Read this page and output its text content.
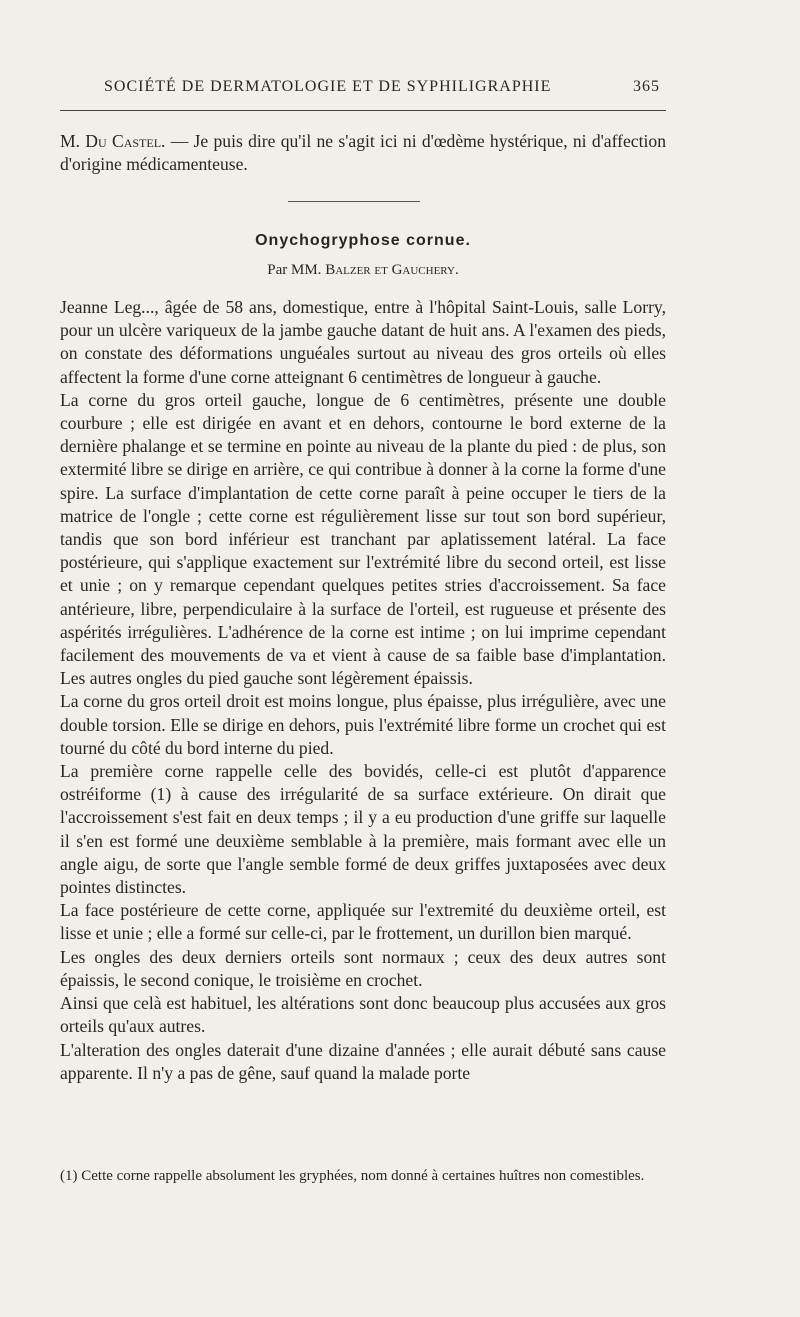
SOCIÉTÉ DE DERMATOLOGIE ET DE SYPHILIGRAPHIE	365

M. Du Castel. — Je puis dire qu'il ne s'agit ici ni d'œdème hystérique, ni d'affection d'origine médicamenteuse.

Onychogryphose cornue.
Par MM. Balzer et Gauchery.

Jeanne Leg..., âgée de 58 ans, domestique, entre à l'hôpital Saint-Louis, salle Lorry, pour un ulcère variqueux de la jambe gauche datant de huit ans. A l'examen des pieds, on constate des déformations unguéales surtout au niveau des gros orteils où elles affectent la forme d'une corne atteignant 6 centimètres de longueur à gauche.

La corne du gros orteil gauche, longue de 6 centimètres, présente une double courbure ; elle est dirigée en avant et en dehors, contourne le bord externe de la dernière phalange et se termine en pointe au niveau de la plante du pied : de plus, son extermité libre se dirige en arrière, ce qui contribue à donner à la corne la forme d'une spire. La surface d'implantation de cette corne paraît à peine occuper le tiers de la matrice de l'ongle ; cette corne est régulièrement lisse sur tout son bord supérieur, tandis que son bord inférieur est tranchant par aplatissement latéral. La face postérieure, qui s'applique exactement sur l'extrémité libre du second orteil, est lisse et unie ; on y remarque cependant quelques petites stries d'accroissement. Sa face antérieure, libre, perpendiculaire à la surface de l'orteil, est rugueuse et présente des aspérités irrégulières. L'adhérence de la corne est intime ; on lui imprime cependant facilement des mouvements de va et vient à cause de sa faible base d'implantation. Les autres ongles du pied gauche sont légèrement épaissis.

La corne du gros orteil droit est moins longue, plus épaisse, plus irrégulière, avec une double torsion. Elle se dirige en dehors, puis l'extrémité libre forme un crochet qui est tourné du côté du bord interne du pied.

La première corne rappelle celle des bovidés, celle-ci est plutôt d'apparence ostréiforme (1) à cause des irrégularité de sa surface extérieure. On dirait que l'accroissement s'est fait en deux temps ; il y a eu production d'une griffe sur laquelle il s'en est formé une deuxième semblable à la première, mais formant avec elle un angle aigu, de sorte que l'angle semble formé de deux griffes juxtaposées avec deux pointes distinctes.

La face postérieure de cette corne, appliquée sur l'extremité du deuxième orteil, est lisse et unie ; elle a formé sur celle-ci, par le frottement, un durillon bien marqué.

Les ongles des deux derniers orteils sont normaux ; ceux des deux autres sont épaissis, le second conique, le troisième en crochet.

Ainsi que celà est habituel, les altérations sont donc beaucoup plus accusées aux gros orteils qu'aux autres.

L'alteration des ongles daterait d'une dizaine d'années ; elle aurait débuté sans cause apparente. Il n'y a pas de gêne, sauf quand la malade porte

(1) Cette corne rappelle absolument les gryphées, nom donné à certaines huîtres non comestibles.
